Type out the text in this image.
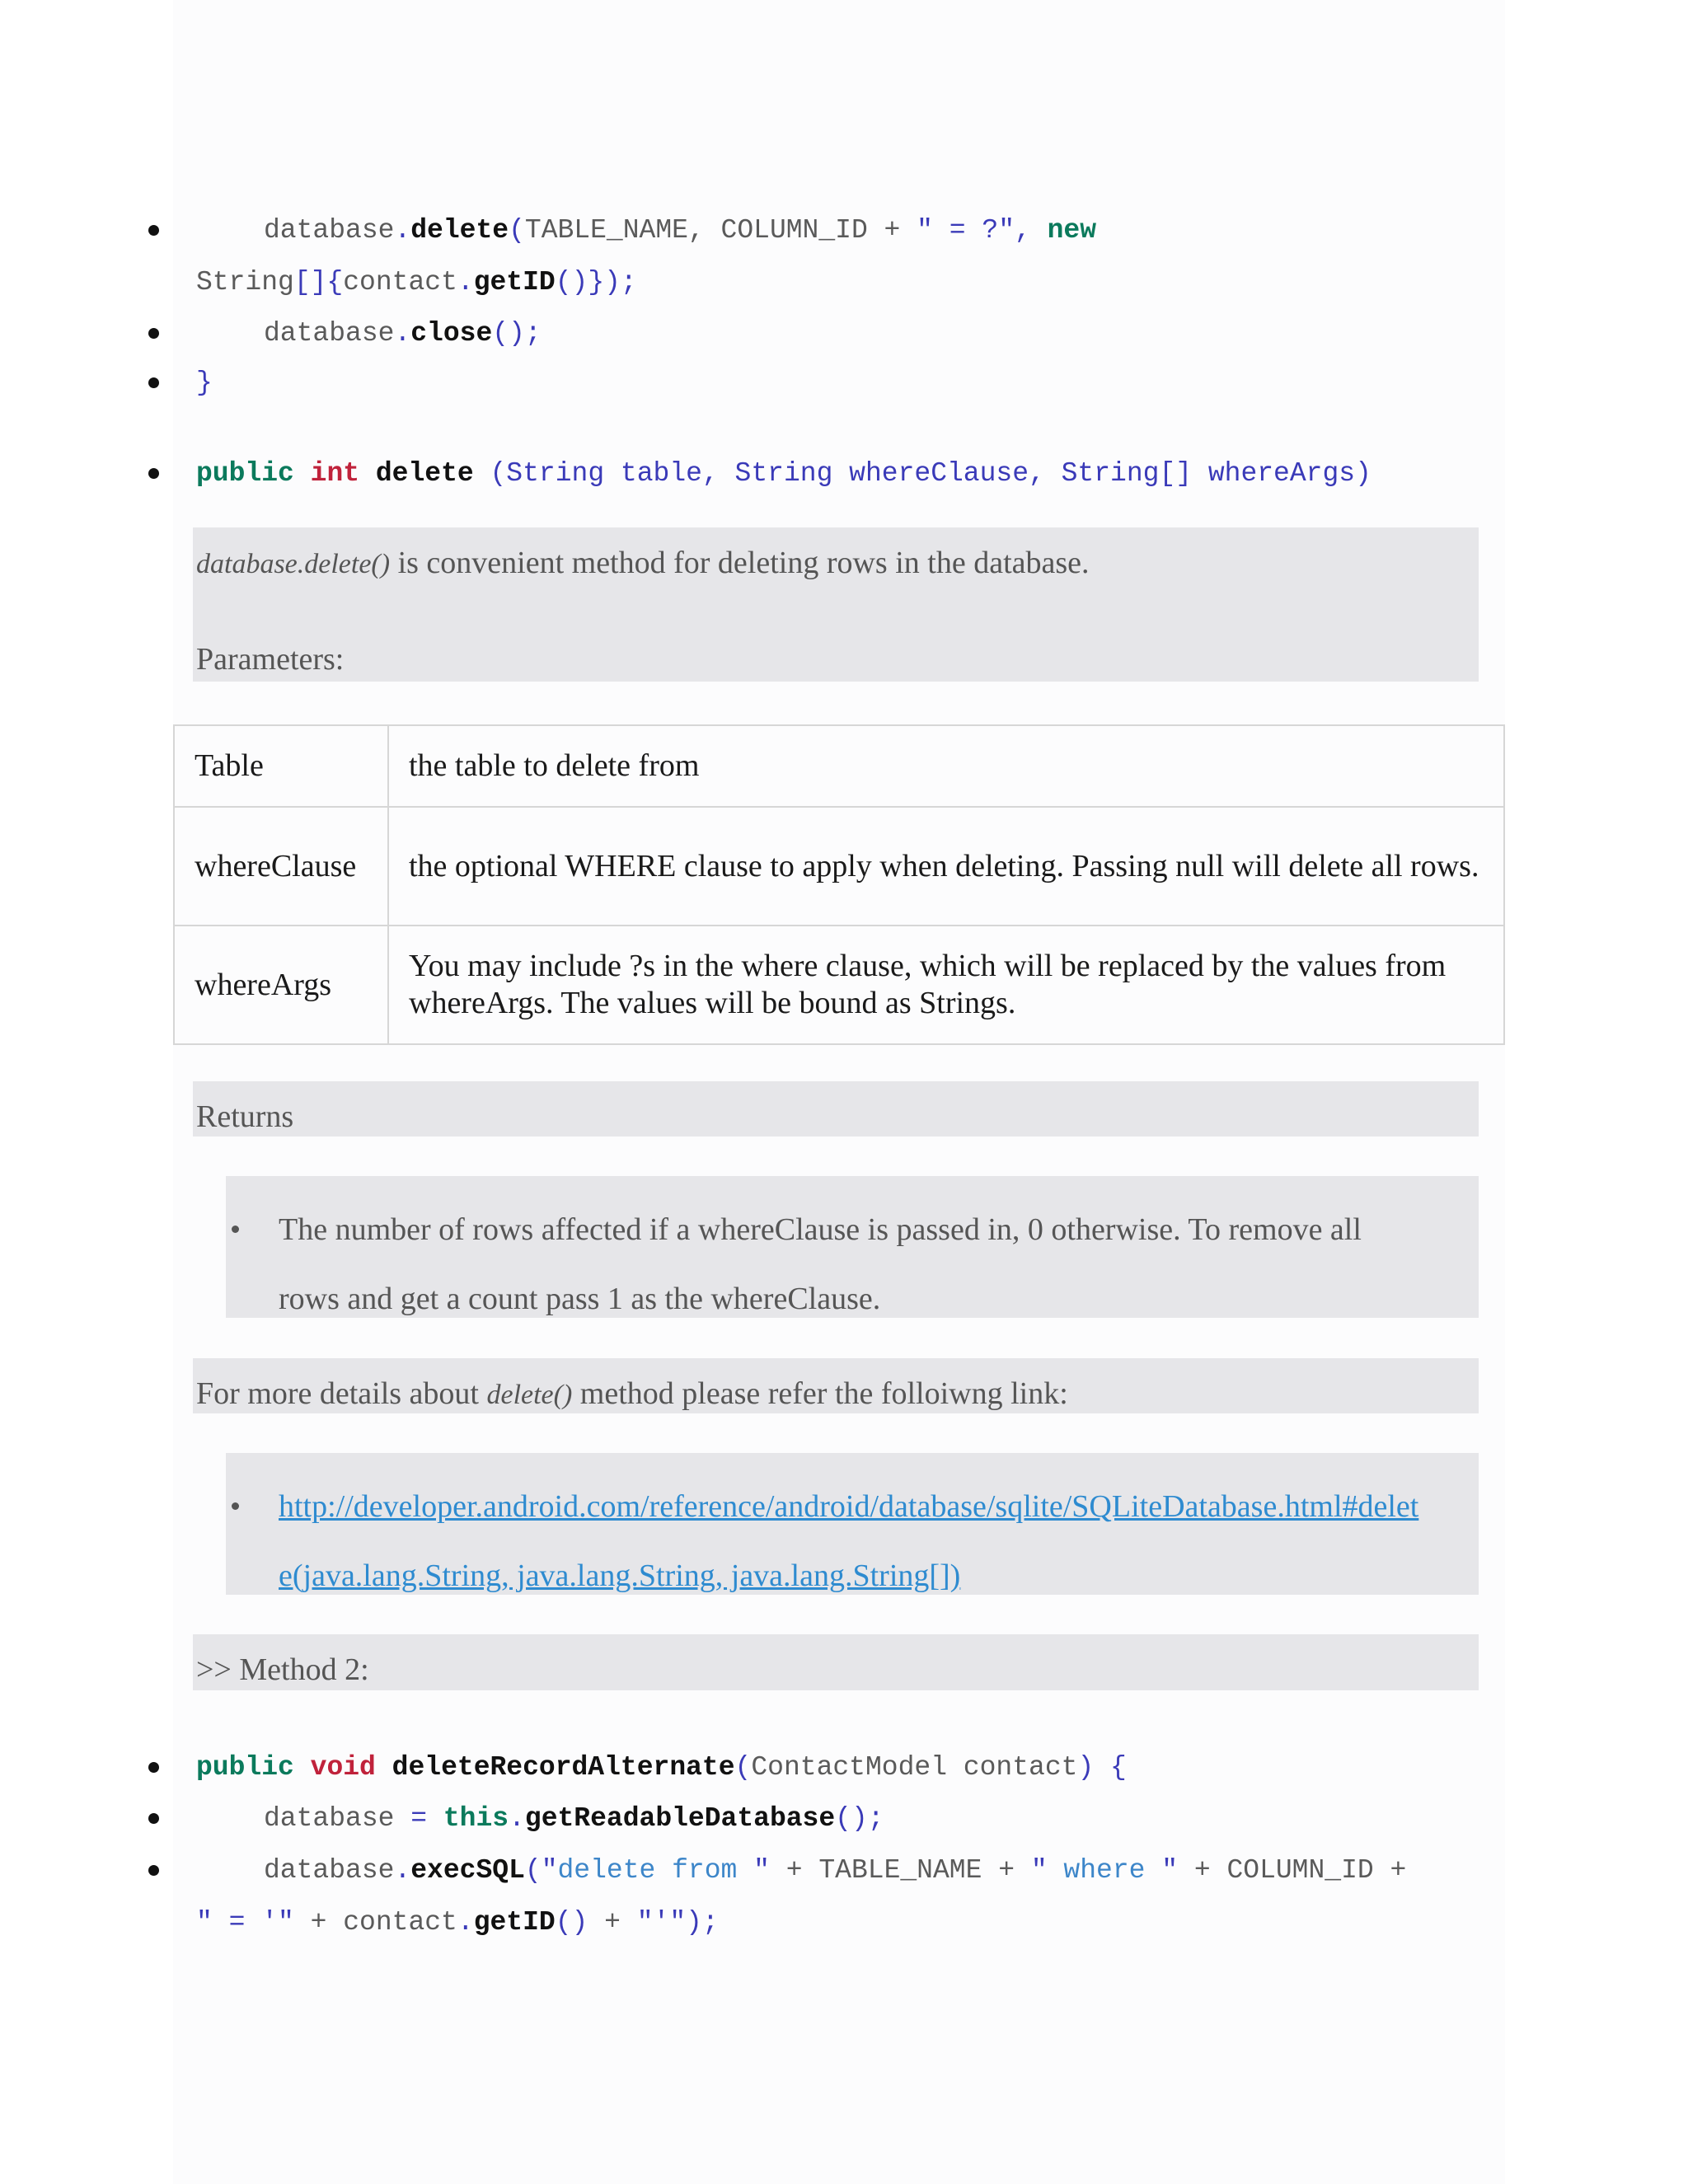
database.delete(TABLE_NAME, COLUMN_ID + " = ?", new
String[]{contact.getID()});
database.close();
}
public int delete (String table, String whereClause, String[] whereArgs)
database.delete() is convenient method for deleting rows in the database.
Parameters:
Table	the table to delete from
whereClause	the optional WHERE clause to apply when deleting. Passing null will delete all rows.
whereArgs	You may include ?s in the where clause, which will be replaced by the values from whereArgs. The values will be bound as Strings.
Returns
The number of rows affected if a whereClause is passed in, 0 otherwise. To remove all
rows and get a count pass 1 as the whereClause.
For more details about delete() method please refer the folloiwng link:
http://developer.android.com/reference/android/database/sqlite/SQLiteDatabase.html#delet
e(java.lang.String, java.lang.String, java.lang.String[])
>> Method 2:
public void deleteRecordAlternate(ContactModel contact) {
database = this.getReadableDatabase();
database.execSQL("delete from " + TABLE_NAME + " where " + COLUMN_ID +
" = '" + contact.getID() + "'");
